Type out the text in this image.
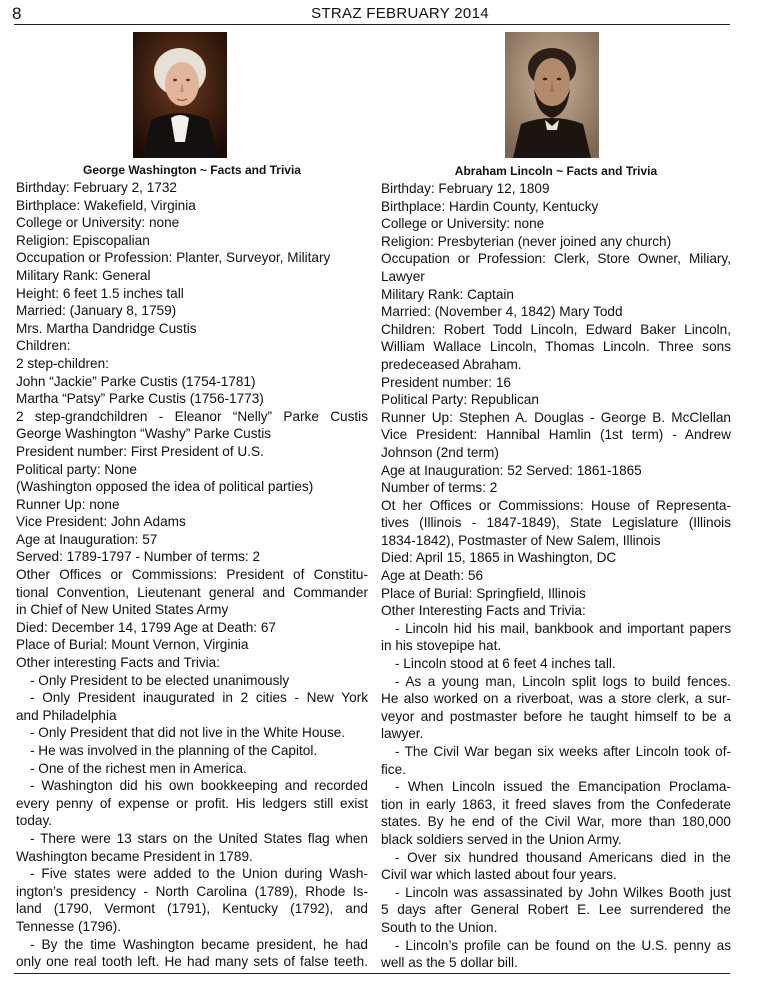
8	STRAZ FEBRUARY 2014
George Washington ~ Facts and Trivia
Birthday: February 2, 1732
Birthplace: Wakefield, Virginia
College or University: none
Religion: Episcopalian
Occupation or Profession: Planter, Surveyor, Military
Military Rank: General
Height: 6 feet 1.5 inches tall
Married: (January 8, 1759)
Mrs. Martha Dandridge Custis
Children:
2 step-children:
John “Jackie” Parke Custis (1754-1781)
Martha “Patsy” Parke Custis (1756-1773)
2 step-grandchildren - Eleanor “Nelly” Parke Custis
George Washington “Washy” Parke Custis
President number: First President of U.S.
Political party: None
(Washington opposed the idea of political parties)
Runner Up: none
Vice President: John Adams
Age at Inauguration: 57
Served: 1789-1797 - Number of terms: 2
Other Offices or Commissions: President of Constitu-
tional Convention, Lieutenant general and Commander
in Chief of New United States Army
Died: December 14, 1799 Age at Death: 67
Place of Burial: Mount Vernon, Virginia
Other interesting Facts and Trivia:
- Only President to be elected unanimously
- Only President inaugurated in 2 cities - New York
and Philadelphia
- Only President that did not live in the White House.
- He was involved in the planning of the Capitol.
- One of the richest men in America.
- Washington did his own bookkeeping and recorded
every penny of expense or profit. His ledgers still exist
today.
- There were 13 stars on the United States flag when
Washington became President in 1789.
- Five states were added to the Union during Wash-
ington’s presidency - North Carolina (1789), Rhode Is-
land (1790, Vermont (1791), Kentucky (1792), and
Tennesse (1796).
- By the time Washington became president, he had
only one real tooth left. He had many sets of false teeth.
Abraham Lincoln ~ Facts and Trivia
Birthday: February 12, 1809
Birthplace: Hardin County, Kentucky
College or University: none
Religion: Presbyterian (never joined any church)
Occupation or Profession: Clerk, Store Owner, Miliary,
Lawyer
Military Rank: Captain
Married: (November 4, 1842) Mary Todd
Children: Robert Todd Lincoln, Edward Baker Lincoln,
William Wallace Lincoln, Thomas Lincoln. Three sons
predeceased Abraham.
President number: 16
Political Party: Republican
Runner Up: Stephen A. Douglas - George B. McClellan
Vice President: Hannibal Hamlin (1st term) - Andrew
Johnson (2nd term)
Age at Inauguration: 52 Served: 1861-1865
Number of terms: 2
Ot her Offices or Commissions: House of Representa-
tives (Illinois - 1847-1849), State Legislature (Illinois
1834-1842), Postmaster of New Salem, Illinois
Died: April 15, 1865 in Washington, DC
Age at Death: 56
Place of Burial: Springfield, Illinois
Other Interesting Facts and Trivia:
- Lincoln hid his mail, bankbook and important papers
in his stovepipe hat.
- Lincoln stood at 6 feet 4 inches tall.
- As a young man, Lincoln split logs to build fences.
He also worked on a riverboat, was a store clerk, a sur-
veyor and postmaster before he taught himself to be a
lawyer.
- The Civil War began six weeks after Lincoln took of-
fice.
- When Lincoln issued the Emancipation Proclama-
tion in early 1863, it freed slaves from the Confederate
states. By he end of the Civil War, more than 180,000
black soldiers served in the Union Army.
- Over six hundred thousand Americans died in the
Civil war which lasted about four years.
- Lincoln was assassinated by John Wilkes Booth just
5 days after General Robert E. Lee surrendered the
South to the Union.
- Lincoln’s profile can be found on the U.S. penny as
well as the 5 dollar bill.
